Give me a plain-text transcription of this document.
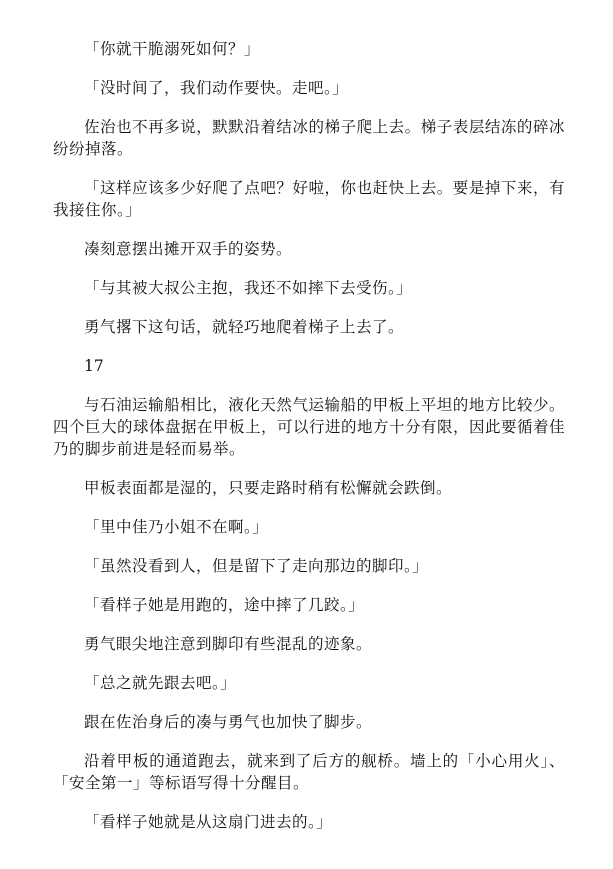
「你就干脆溺死如何？」

「没时间了，我们动作要快。走吧。」

佐治也不再多说，默默沿着结冰的梯子爬上去。梯子表层结冻的碎冰纷纷掉落。

「这样应该多少好爬了点吧？好啦，你也赶快上去。要是掉下来，有我接住你。」

凑刻意摆出摊开双手的姿势。

「与其被大叔公主抱，我还不如摔下去受伤。」

勇气撂下这句话，就轻巧地爬着梯子上去了。

17

与石油运输船相比，液化天然气运输船的甲板上平坦的地方比较少。四个巨大的球体盘据在甲板上，可以行进的地方十分有限，因此要循着佳乃的脚步前进是轻而易举。

甲板表面都是湿的，只要走路时稍有松懈就会跌倒。

「里中佳乃小姐不在啊。」

「虽然没看到人，但是留下了走向那边的脚印。」

「看样子她是用跑的，途中摔了几跤。」

勇气眼尖地注意到脚印有些混乱的迹象。

「总之就先跟去吧。」

跟在佐治身后的凑与勇气也加快了脚步。

沿着甲板的通道跑去，就来到了后方的舰桥。墙上的「小心用火」、「安全第一」等标语写得十分醒目。

「看样子她就是从这扇门进去的。」
